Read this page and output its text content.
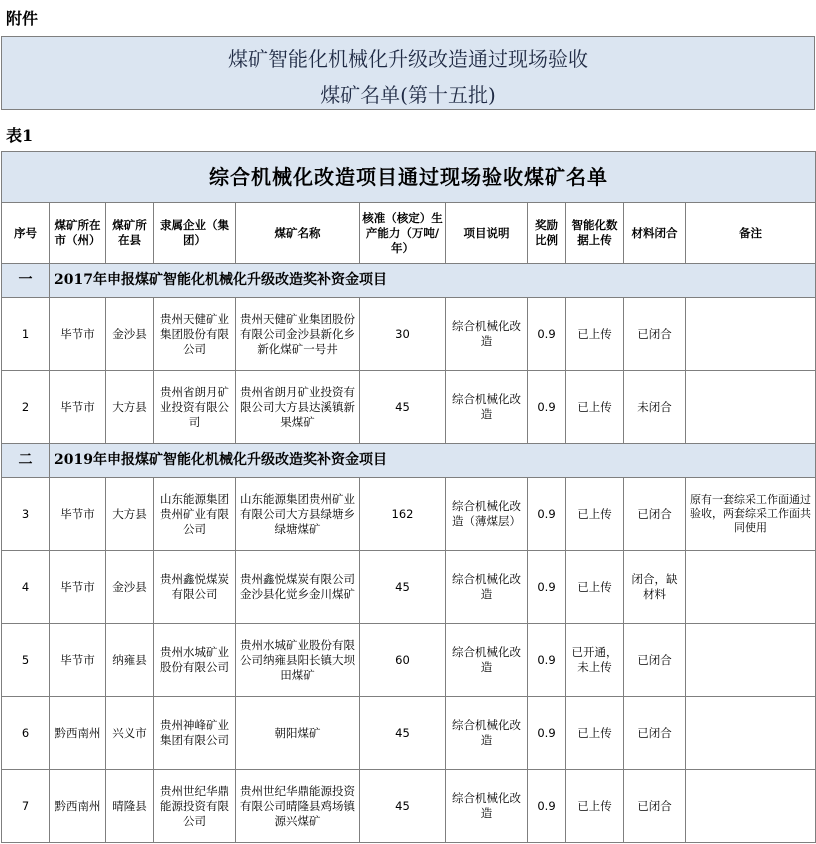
附件
煤矿智能化机械化升级改造通过现场验收
煤矿名单(第十五批)
表1
综合机械化改造项目通过现场验收煤矿名单										
序号	煤矿所在市（州）	煤矿所在县	隶属企业（集团）	煤矿名称	核准（核定）生产能力（万吨/年）	项目说明	奖励比例	智能化数据上传	材料闭合	备注
一	2017年申报煤矿智能化机械化升级改造奖补资金项目									
1	毕节市	金沙县	贵州天健矿业集团股份有限公司	贵州天健矿业集团股份有限公司金沙县新化乡新化煤矿一号井	30	综合机械化改造	0.9	已上传	已闭合	
2	毕节市	大方县	贵州省朗月矿业投资有限公司	贵州省朗月矿业投资有限公司大方县达溪镇新果煤矿	45	综合机械化改造	0.9	已上传	未闭合	
二	2019年申报煤矿智能化机械化升级改造奖补资金项目									
3	毕节市	大方县	山东能源集团贵州矿业有限公司	山东能源集团贵州矿业有限公司大方县绿塘乡绿塘煤矿	162	综合机械化改造（薄煤层）	0.9	已上传	已闭合	原有一套综采工作面通过验收，两套综采工作面共同使用
4	毕节市	金沙县	贵州鑫悦煤炭有限公司	贵州鑫悦煤炭有限公司金沙县化觉乡金川煤矿	45	综合机械化改造	0.9	已上传	闭合，缺材料	
5	毕节市	纳雍县	贵州水城矿业股份有限公司	贵州水城矿业股份有限公司纳雍县阳长镇大坝田煤矿	60	综合机械化改造	0.9	已开通，未上传	已闭合	
6	黔西南州	兴义市	贵州神峰矿业集团有限公司	朝阳煤矿	45	综合机械化改造	0.9	已上传	已闭合	
7	黔西南州	晴隆县	贵州世纪华鼎能源投资有限公司	贵州世纪华鼎能源投资有限公司晴隆县鸡场镇源兴煤矿	45	综合机械化改造	0.9	已上传	已闭合	
